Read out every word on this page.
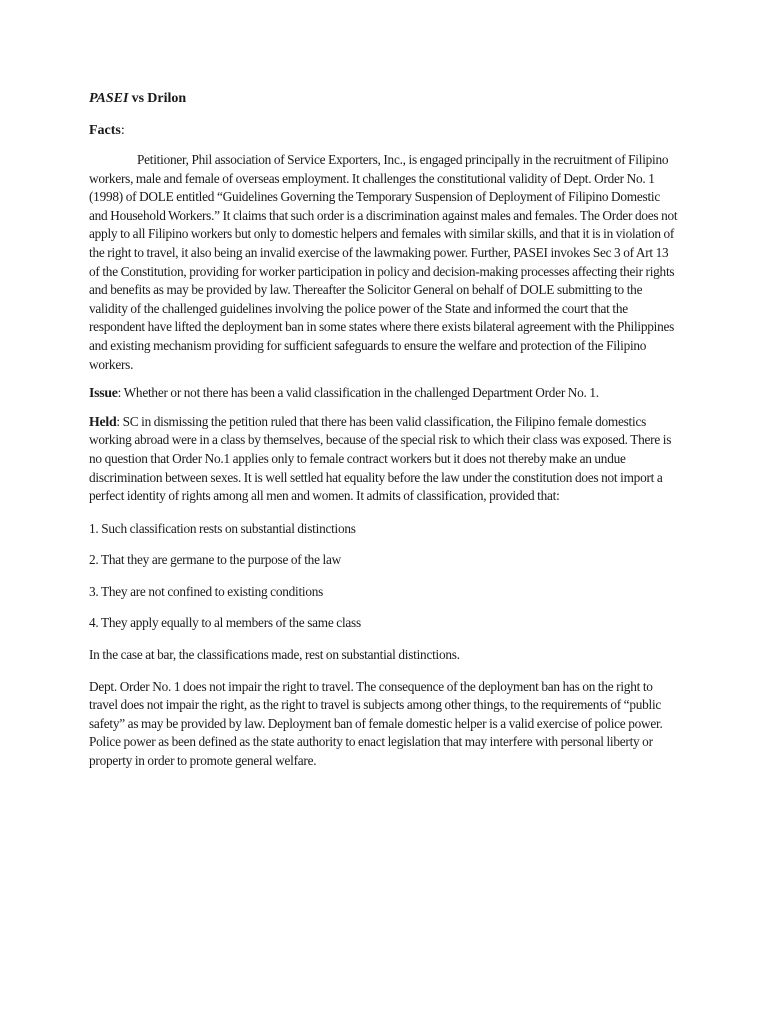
PASEI vs Drilon
Facts:

Petitioner, Phil association of Service Exporters, Inc., is engaged principally in the recruitment of Filipino workers, male and female of overseas employment. It challenges the constitutional validity of Dept. Order No. 1 (1998) of DOLE entitled “Guidelines Governing the Temporary Suspension of Deployment of Filipino Domestic and Household Workers.” It claims that such order is a discrimination against males and females. The Order does not apply to all Filipino workers but only to domestic helpers and females with similar skills, and that it is in violation of the right to travel, it also being an invalid exercise of the lawmaking power. Further, PASEI invokes Sec 3 of Art 13 of the Constitution, providing for worker participation in policy and decision-making processes affecting their rights and benefits as may be provided by law. Thereafter the Solicitor General on behalf of DOLE submitting to the validity of the challenged guidelines involving the police power of the State and informed the court that the respondent have lifted the deployment ban in some states where there exists bilateral agreement with the Philippines and existing mechanism providing for sufficient safeguards to ensure the welfare and protection of the Filipino workers.

Issue: Whether or not there has been a valid classification in the challenged Department Order No. 1.

Held: SC in dismissing the petition ruled that there has been valid classification, the Filipino female domestics working abroad were in a class by themselves, because of the special risk to which their class was exposed. There is no question that Order No.1 applies only to female contract workers but it does not thereby make an undue discrimination between sexes. It is well settled hat equality before the law under the constitution does not import a perfect identity of rights among all men and women. It admits of classification, provided that:

1. Such classification rests on substantial distinctions

2. That they are germane to the purpose of the law

3. They are not confined to existing conditions

4. They apply equally to al members of the same class

In the case at bar, the classifications made, rest on substantial distinctions.

Dept. Order No. 1 does not impair the right to travel. The consequence of the deployment ban has on the right to travel does not impair the right, as the right to travel is subjects among other things, to the requirements of “public safety” as may be provided by law. Deployment ban of female domestic helper is a valid exercise of police power. Police power as been defined as the state authority to enact legislation that may interfere with personal liberty or property in order to promote general welfare.
